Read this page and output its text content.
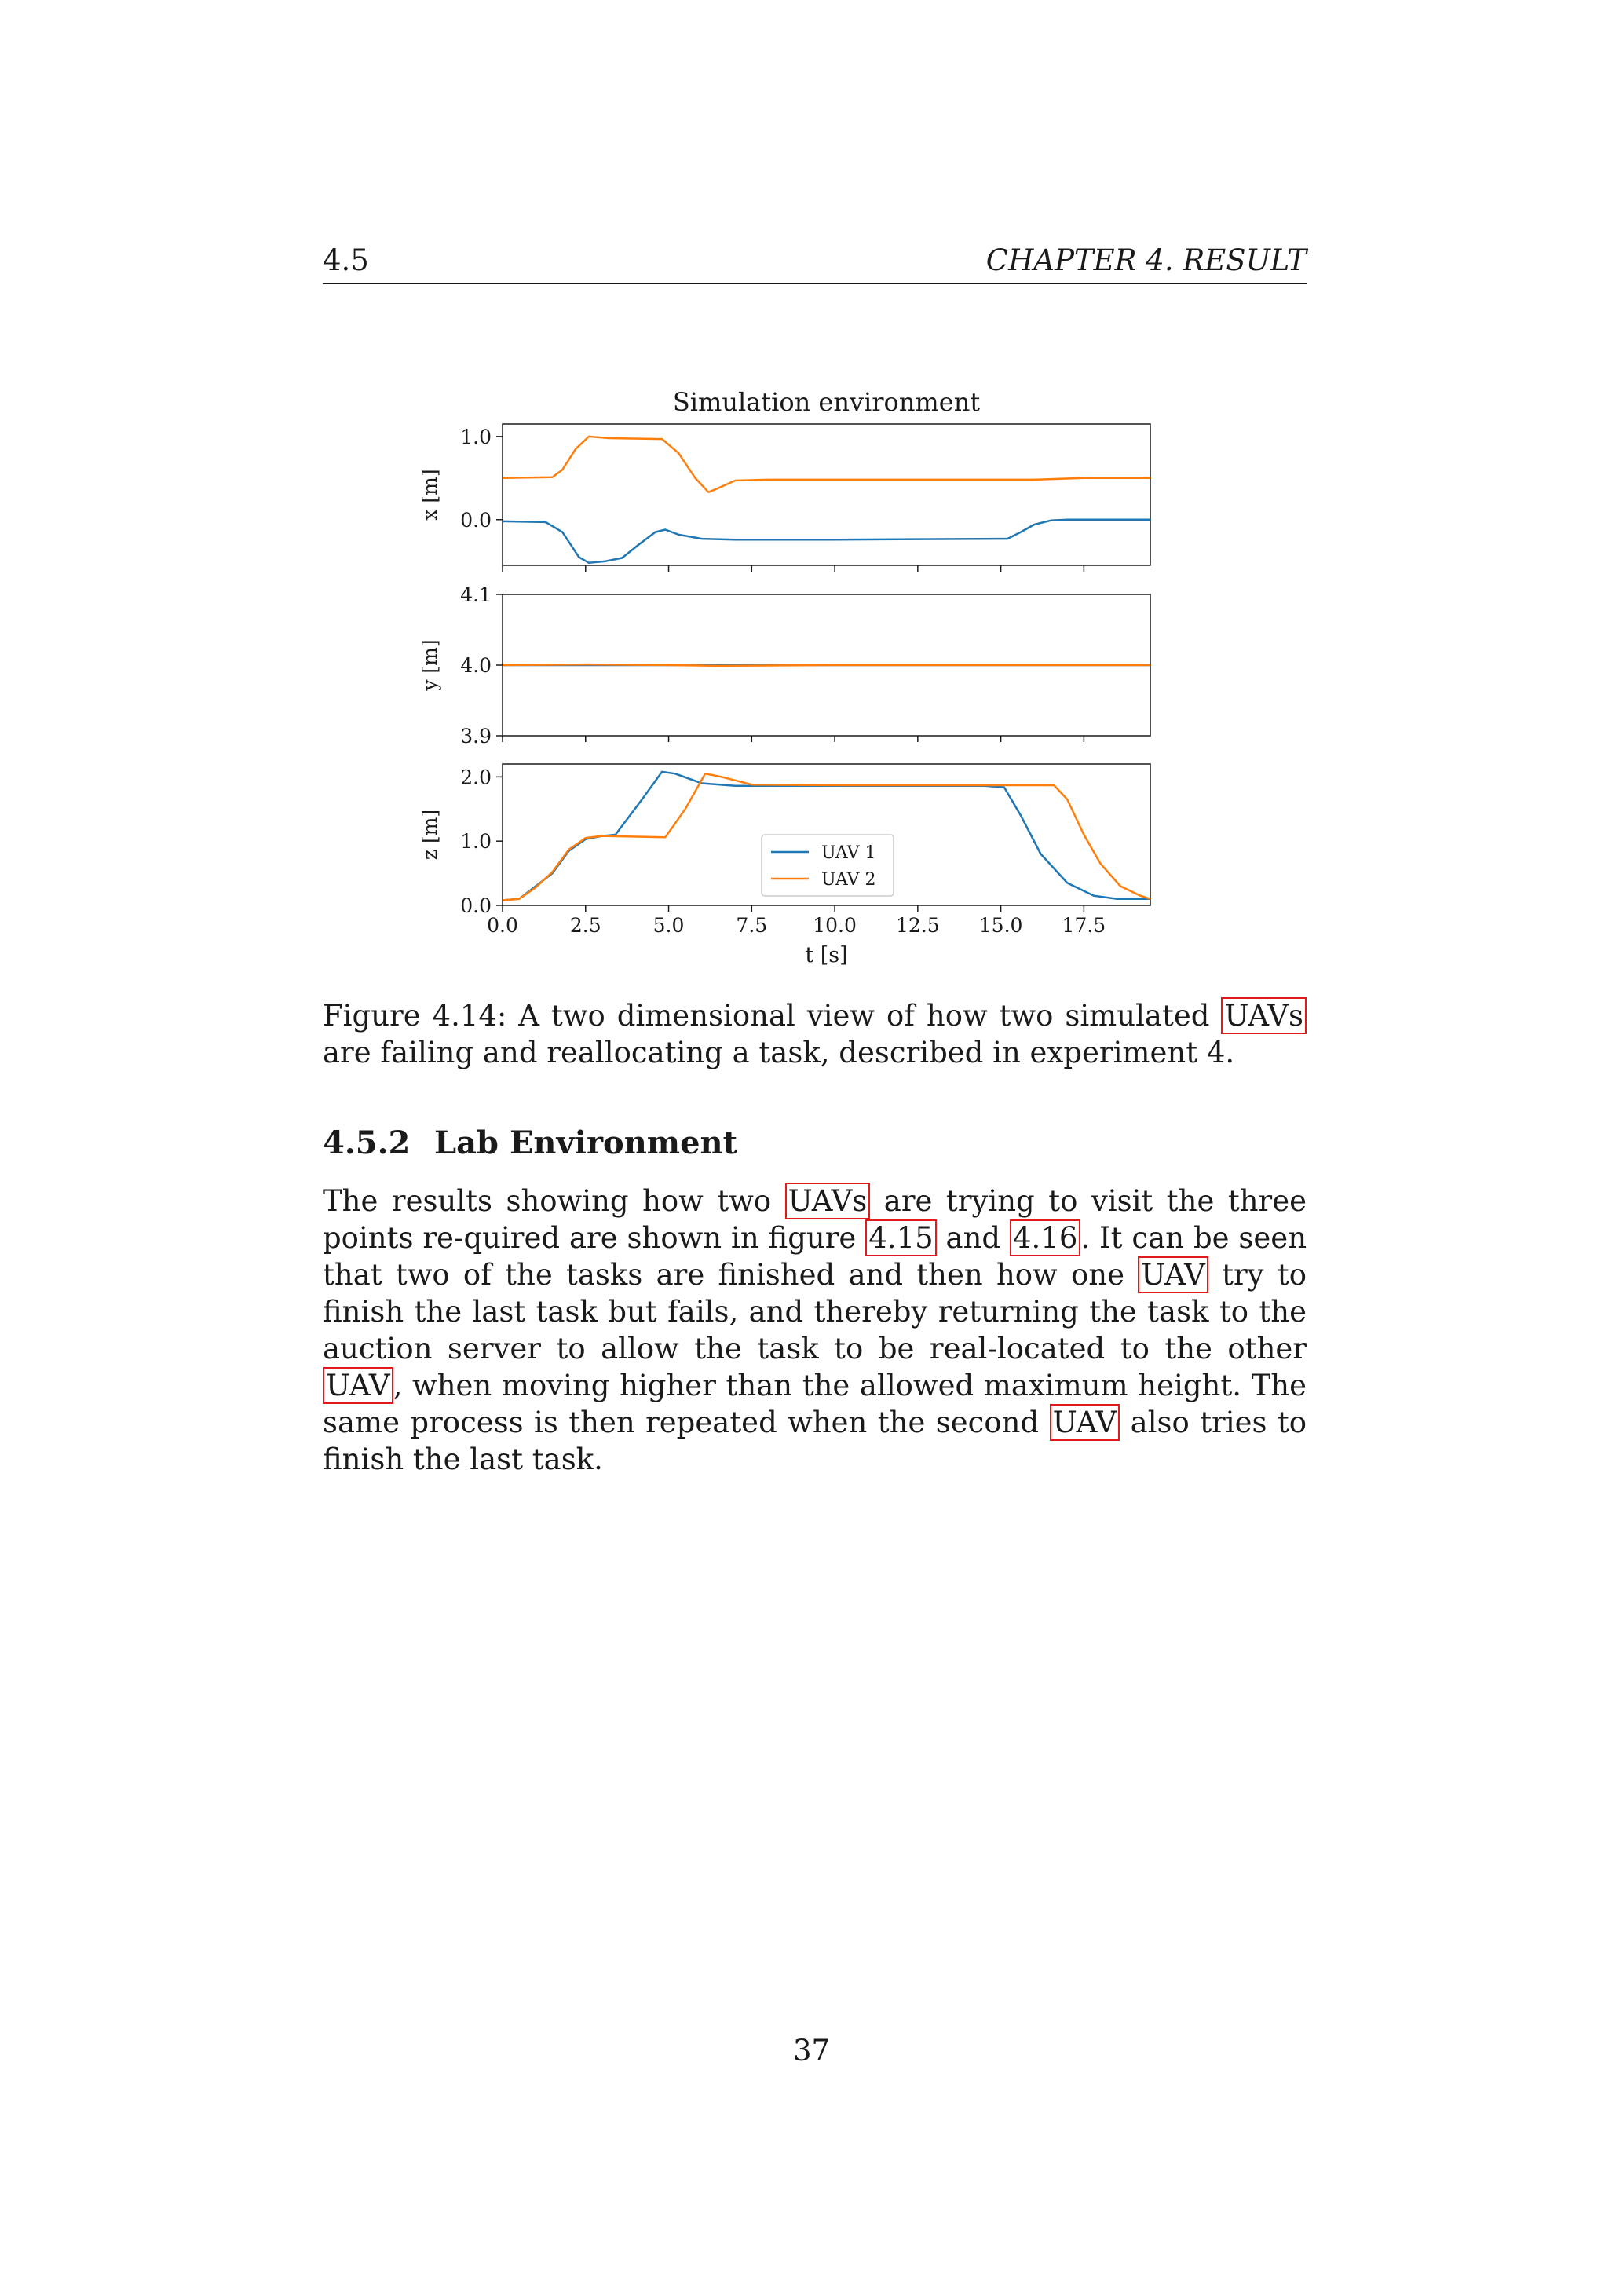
4.5	CHAPTER 4. RESULT
Simulation environment
1.0
0.0
x [m]
4.1
4.0
3.9
y [m]
2.0
1.0
0.0
0.0	2.5	5.0	7.5 10.0 12.5 15.0 17.5
z [m]
t [s]
UAV 1
UAV 2
Figure 4.14: A two dimensional view of how two simulated UAVs are failing and reallocating a task, described in experiment 4.
4.5.2 Lab Environment
The results showing how two UAVs are trying to visit the three points re-quired are shown in figure 4.15 and 4.16 . It can be seen that two of the tasks are finished and then how one UAV try to finish the last task but fails, and thereby returning the task to the auction server to allow the task to be real-located to the other UAV , when moving higher than the allowed maximum height. The same process is then repeated when the second UAV also tries to finish the last task.
37
